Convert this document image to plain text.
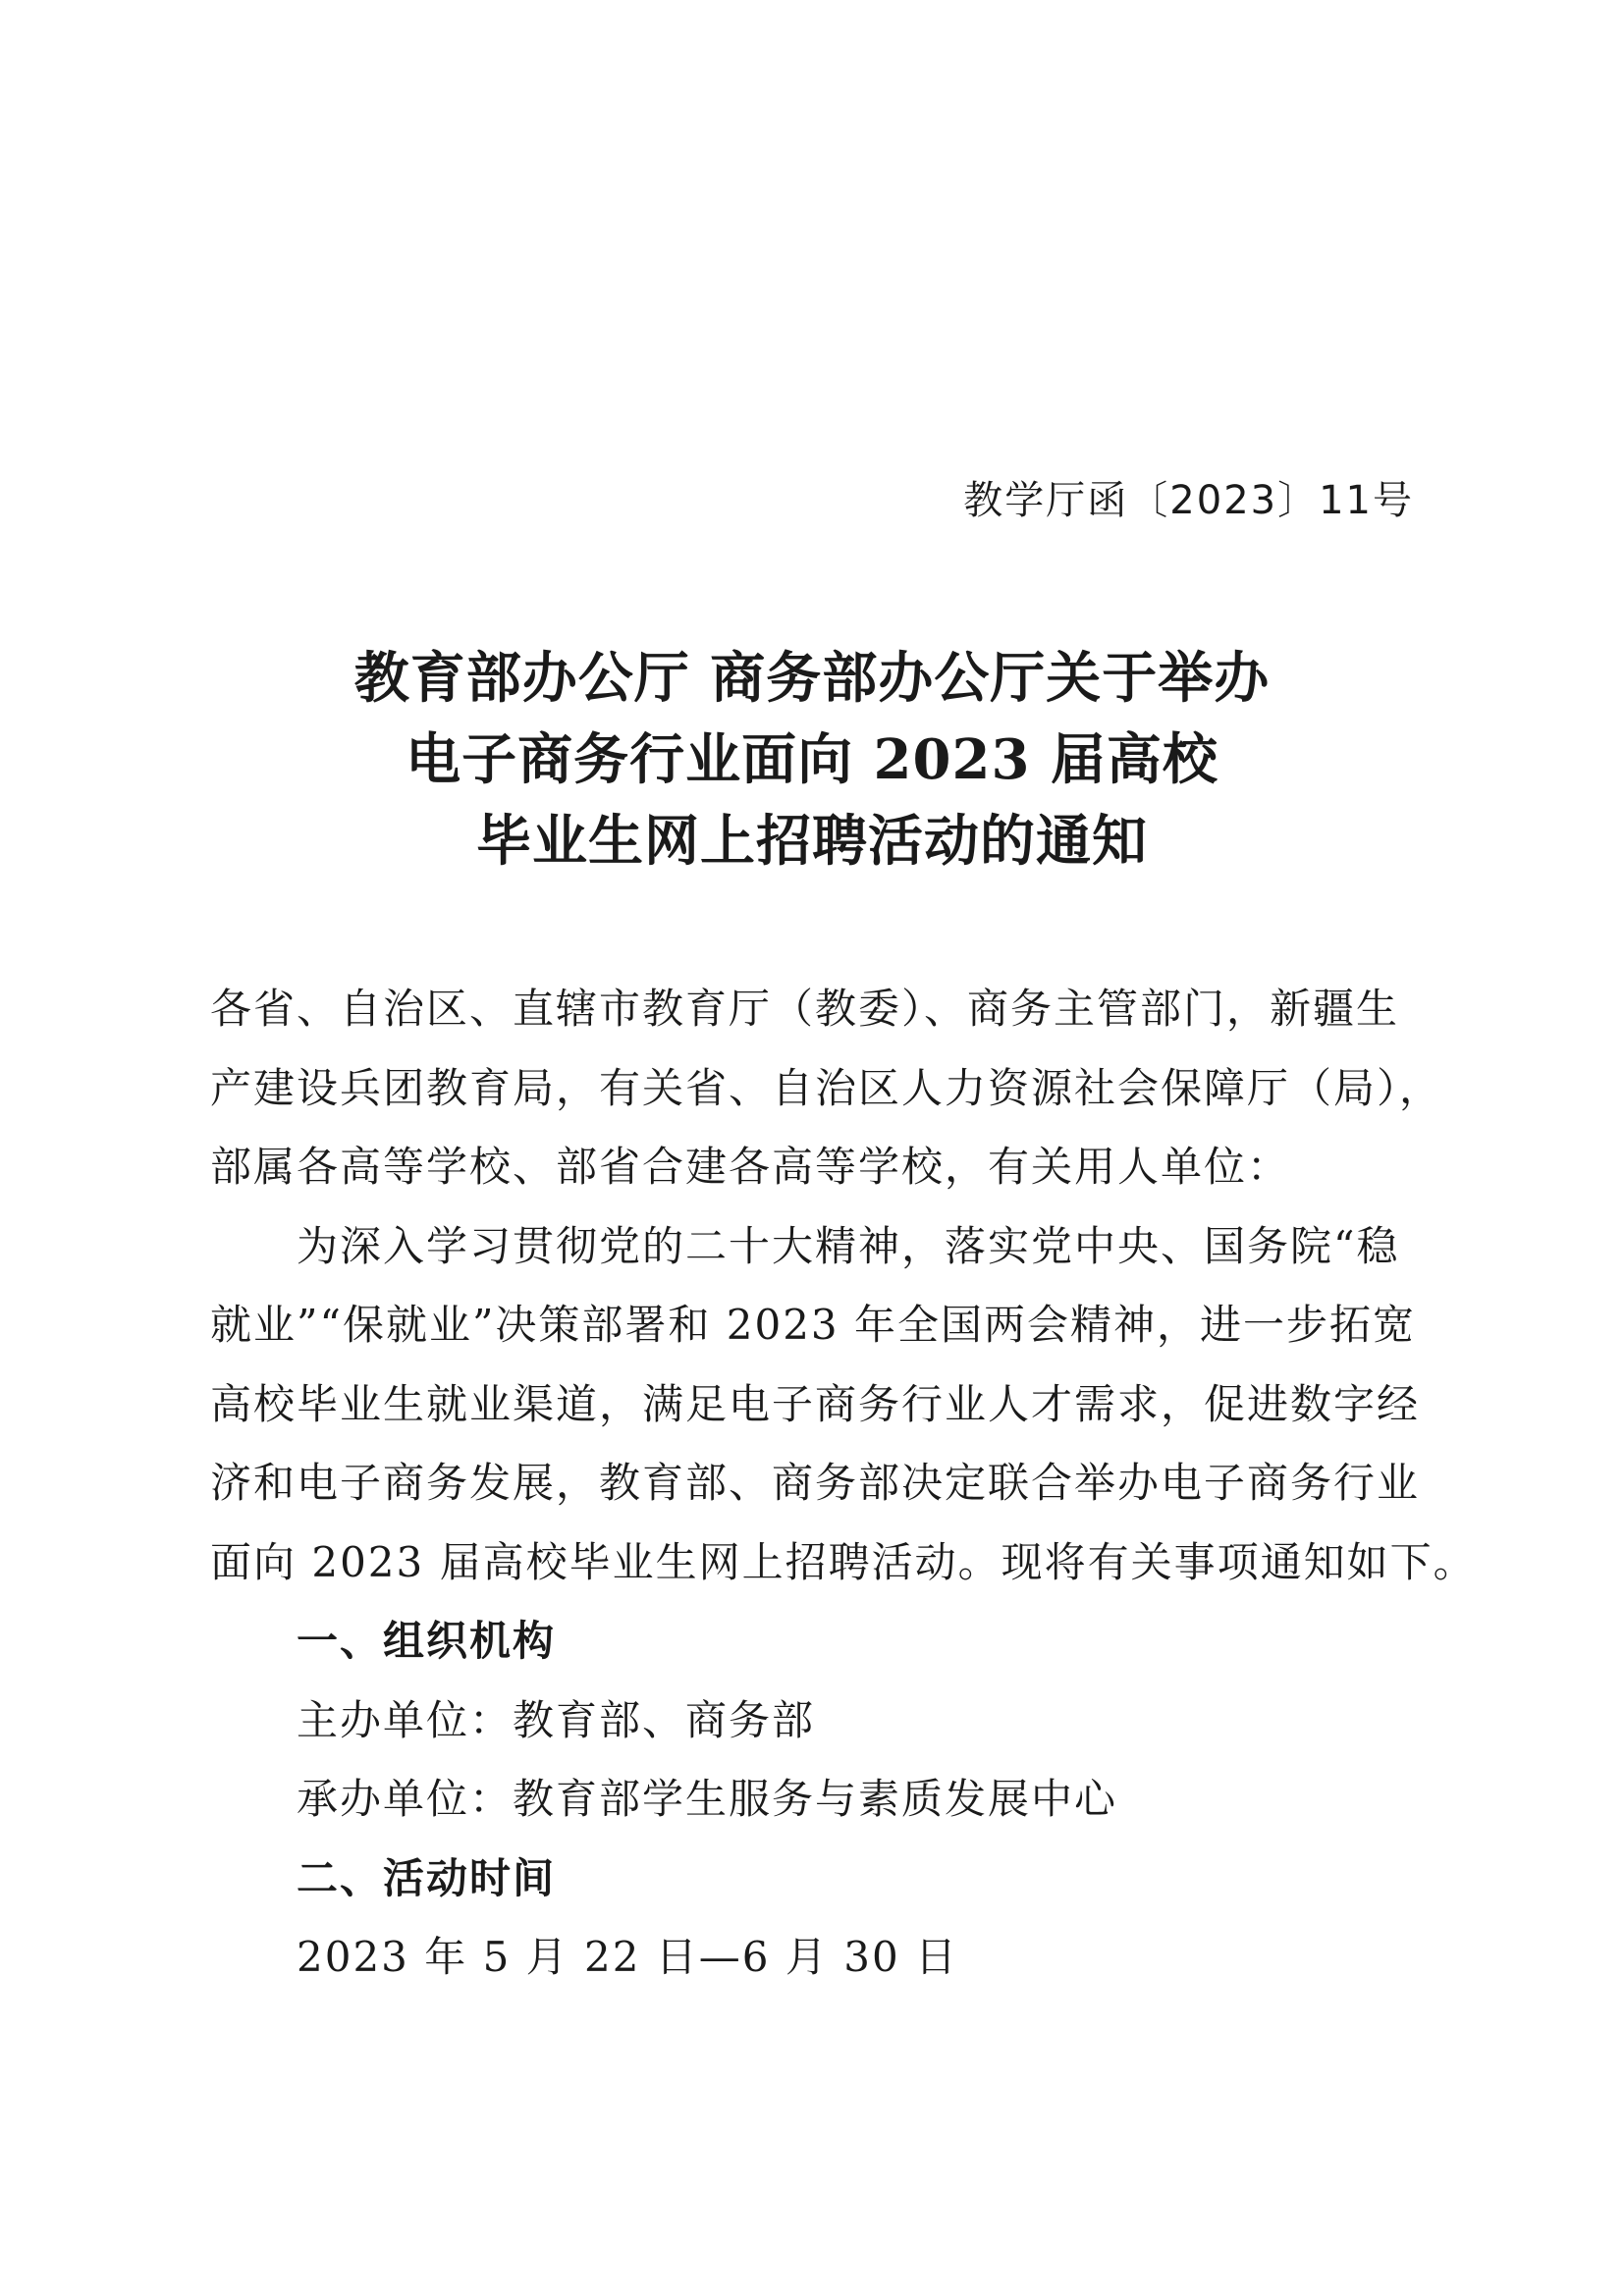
教学厅函〔2023〕11号
教育部办公厅 商务部办公厅关于举办
电子商务行业面向 2023 届高校
毕业生网上招聘活动的通知
各省、自治区、直辖市教育厅（教委）、商务主管部门，新疆生
产建设兵团教育局，有关省、自治区人力资源社会保障厅（局），
部属各高等学校、部省合建各高等学校，有关用人单位：
为深入学习贯彻党的二十大精神，落实党中央、国务院“稳
就业”“保就业”决策部署和 2023 年全国两会精神，进一步拓宽
高校毕业生就业渠道，满足电子商务行业人才需求，促进数字经
济和电子商务发展，教育部、商务部决定联合举办电子商务行业
面向 2023 届高校毕业生网上招聘活动。现将有关事项通知如下。
一、组织机构
主办单位：教育部、商务部
承办单位：教育部学生服务与素质发展中心
二、活动时间
2023 年 5 月 22 日—6 月 30 日
